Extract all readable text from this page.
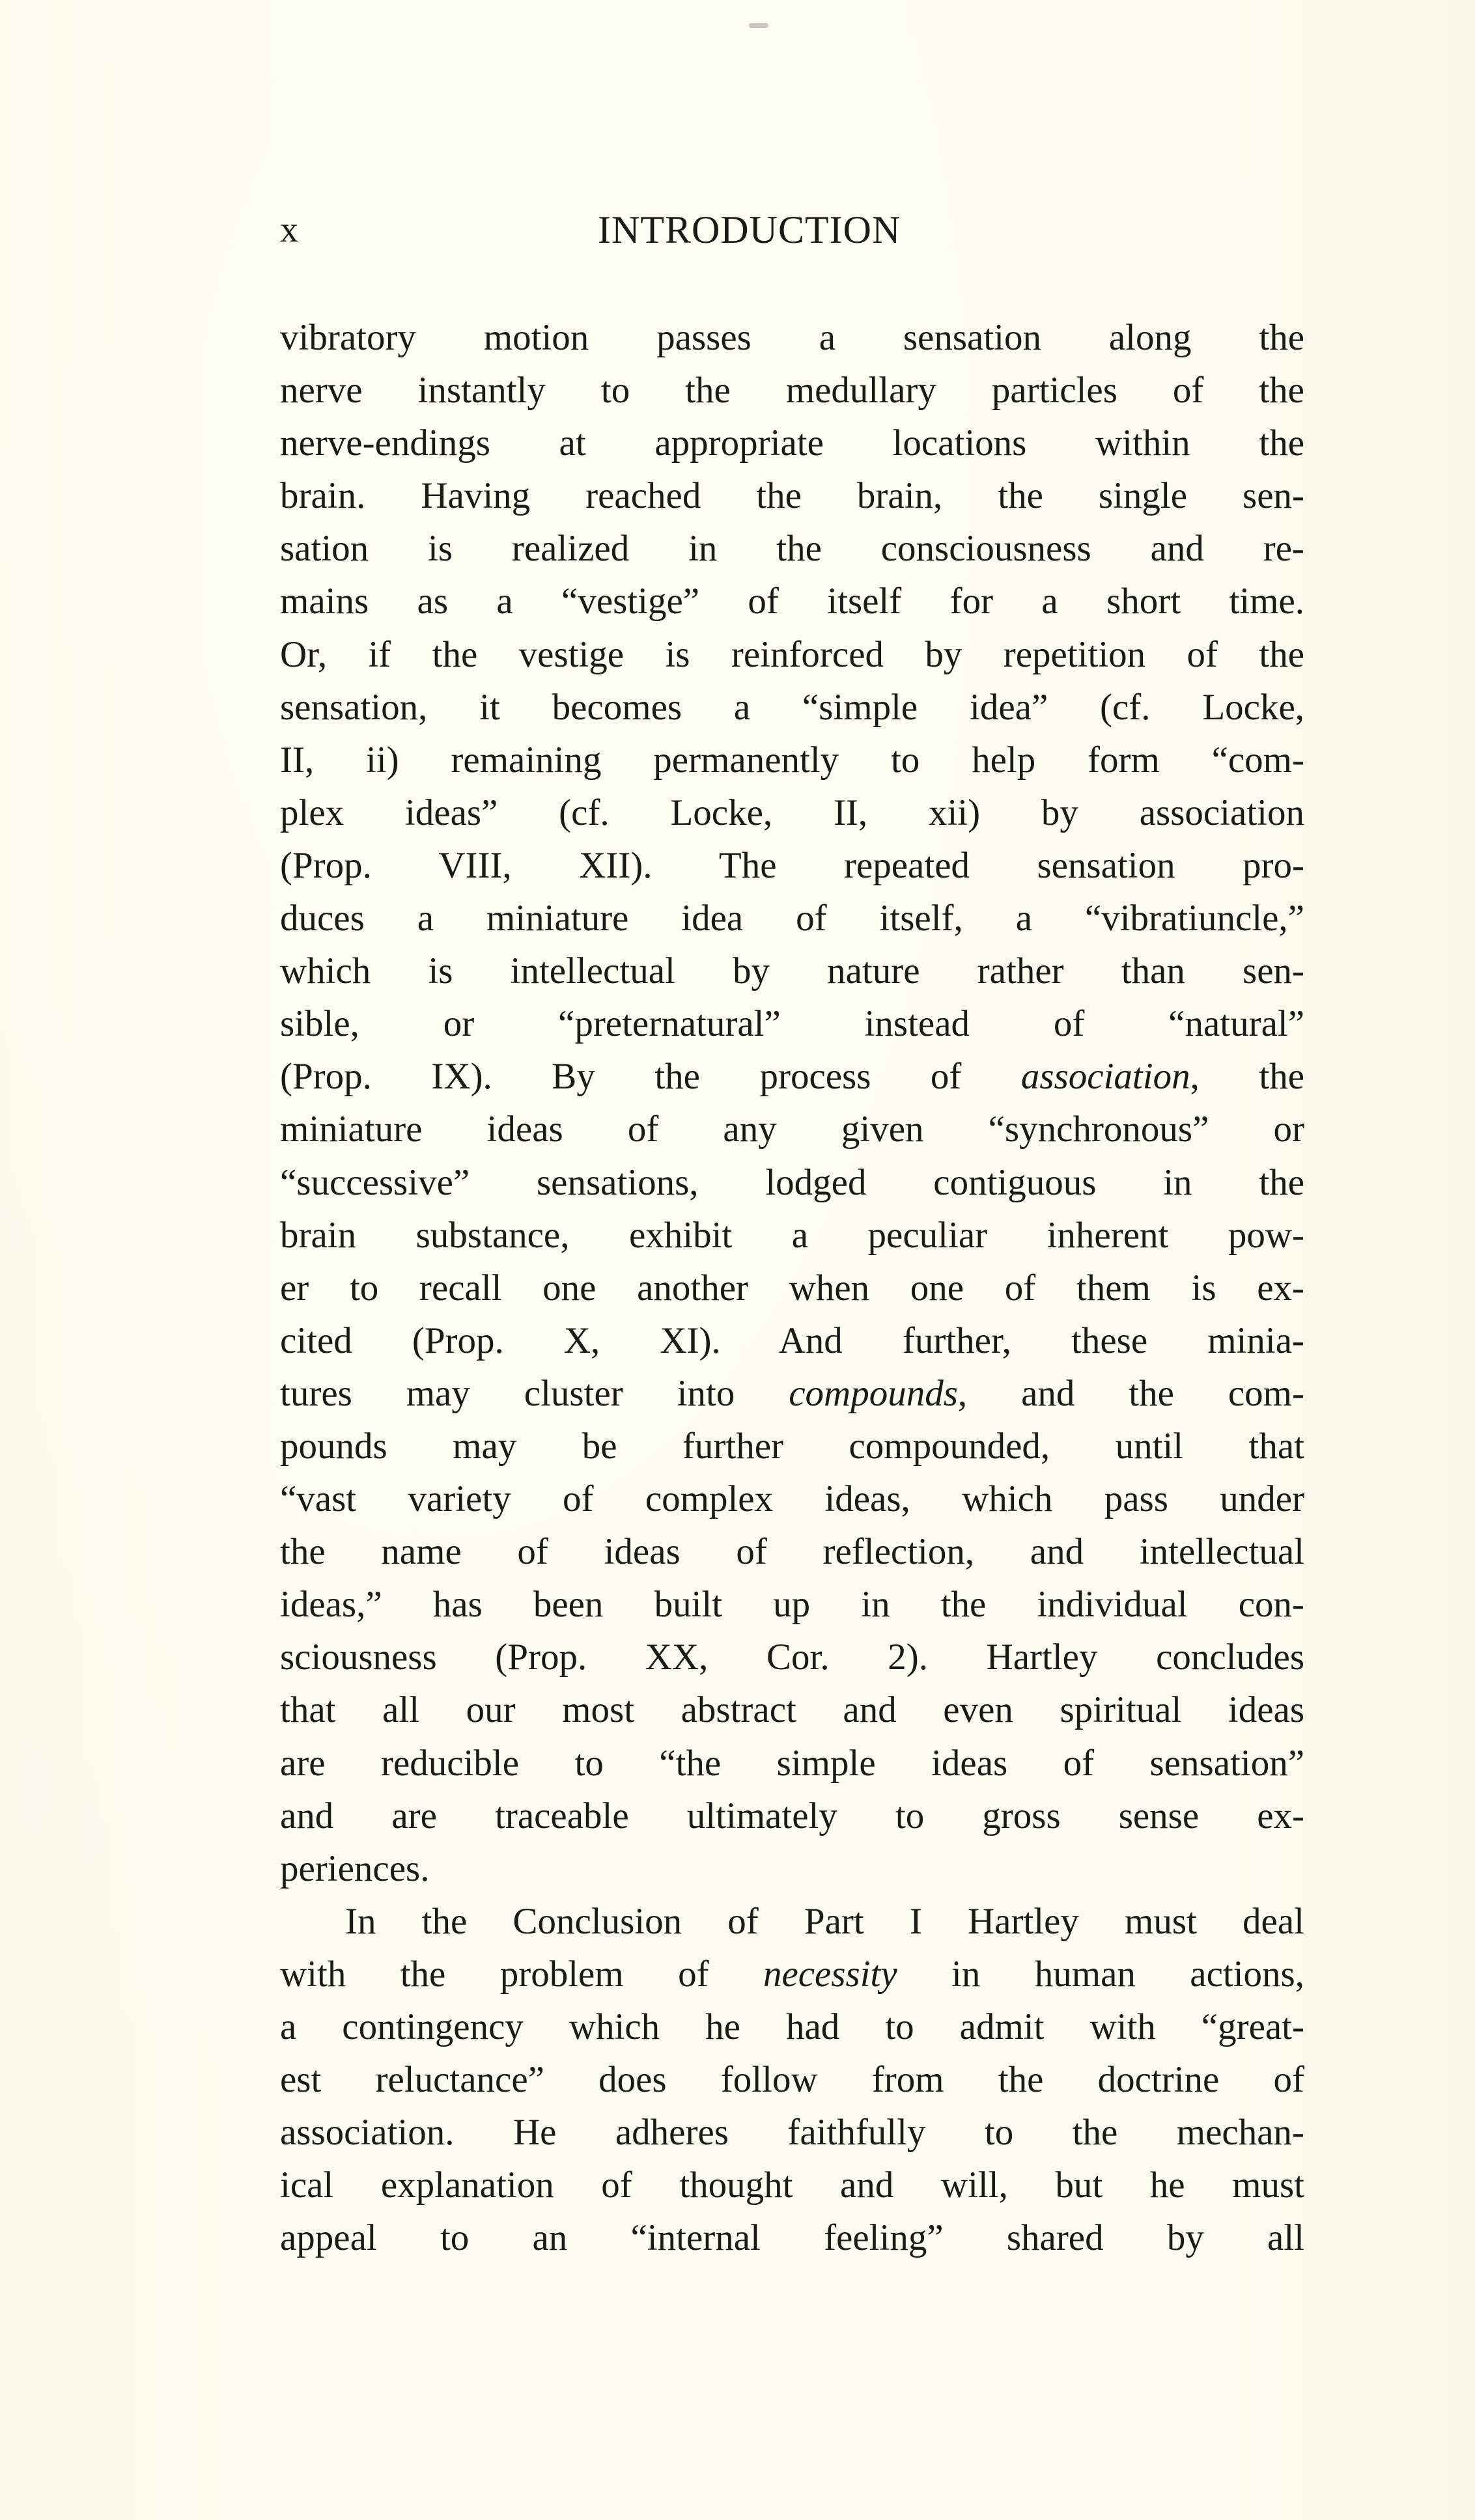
x	INTRODUCTION
vibratory motion passes a sensation along the
nerve instantly to the medullary particles of the
nerve-endings at appropriate locations within the
brain. Having reached the brain, the single sen-
sation is realized in the consciousness and re-
mains as a “vestige” of itself for a short time.
Or, if the vestige is reinforced by repetition of the
sensation, it becomes a “simple idea” (cf. Locke,
II, ii) remaining permanently to help form “com-
plex ideas” (cf. Locke, II, xii) by association
(Prop. VIII, XII). The repeated sensation pro-
duces a miniature idea of itself, a “vibratiuncle,”
which is intellectual by nature rather than sen-
sible, or “preternatural” instead of “natural”
(Prop. IX). By the process of association, the
miniature ideas of any given “synchronous” or
“successive” sensations, lodged contiguous in the
brain substance, exhibit a peculiar inherent pow-
er to recall one another when one of them is ex-
cited (Prop. X, XI). And further, these minia-
tures may cluster into compounds, and the com-
pounds may be further compounded, until that
“vast variety of complex ideas, which pass under
the name of ideas of reflection, and intellectual
ideas,” has been built up in the individual con-
sciousness (Prop. XX, Cor. 2). Hartley concludes
that all our most abstract and even spiritual ideas
are reducible to “the simple ideas of sensation”
and are traceable ultimately to gross sense ex-
periences.
In the Conclusion of Part I Hartley must deal
with the problem of necessity in human actions,
a contingency which he had to admit with “great-
est reluctance” does follow from the doctrine of
association. He adheres faithfully to the mechan-
ical explanation of thought and will, but he must
appeal to an “internal feeling” shared by all
